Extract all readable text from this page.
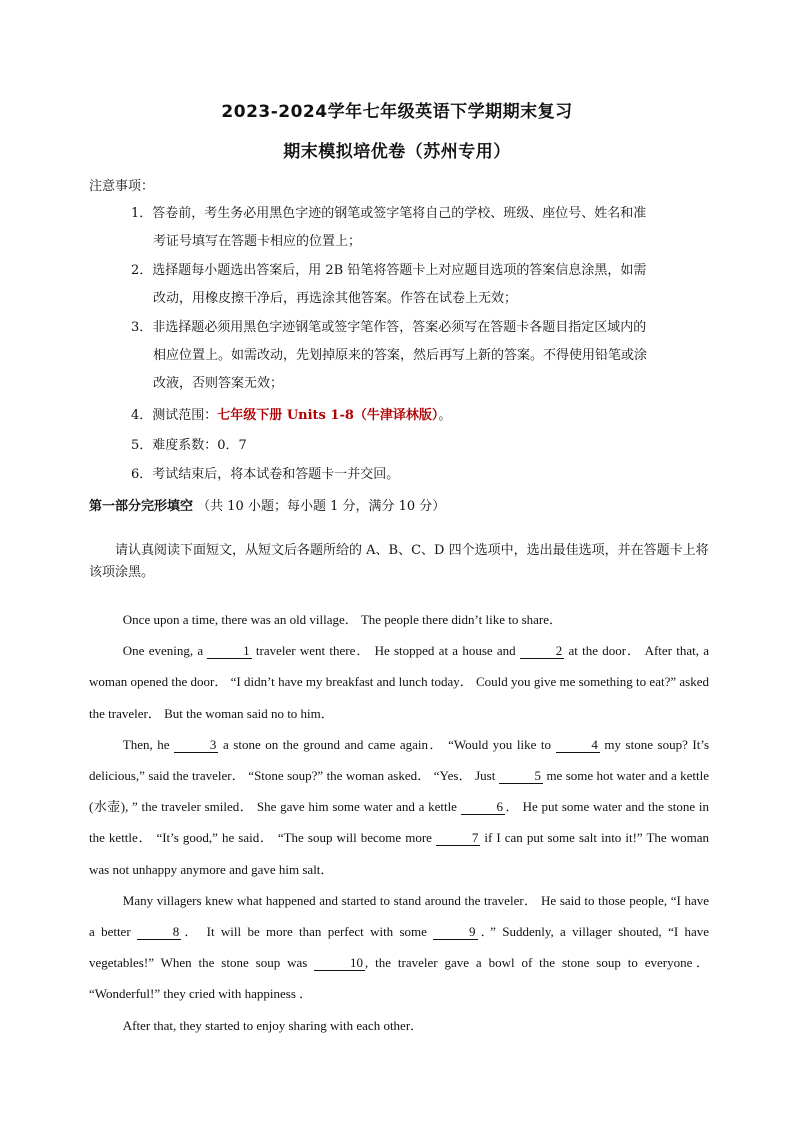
2023-2024学年七年级英语下学期期末复习
期末模拟培优卷（苏州专用）
注意事项：
1．答卷前，考生务必用黑色字迹的钢笔或签字笔将自己的学校、班级、座位号、姓名和准
考证号填写在答题卡相应的位置上；
2．选择题每小题选出答案后，用 2B 铅笔将答题卡上对应题目选项的答案信息涂黑，如需
改动，用橡皮擦干净后，再选涂其他答案。作答在试卷上无效；
3．非选择题必须用黑色字迹钢笔或签字笔作答，答案必须写在答题卡各题目指定区域内的
相应位置上。如需改动，先划掉原来的答案，然后再写上新的答案。不得使用铅笔或涂
改液，否则答案无效；
4．测试范围：七年级下册 Units 1-8（牛津译林版）。
5．难度系数：0．7
6．考试结束后，将本试卷和答题卡一并交回。
第一部分完形填空 （共 10 小题；每小题 1 分，满分 10 分）
请认真阅读下面短文，从短文后各题所给的 A、B、C、D 四个选项中，选出最佳选项，并在答题卡上将该项涂黑。

Once upon a time, there was an old village． The people there didn’t like to share．

One evening, a	1 traveler went there． He stopped at a house and	2 at the door． After that, a woman opened the door． “I didn’t have my breakfast and lunch today． Could you give me something to eat?” asked the traveler． But the woman said no to him．

Then, he	3 a stone on the ground and came again． “Would you like to	4 my stone soup? It’s delicious,” said the traveler． “Stone soup?” the woman asked． “Yes． Just	5 me some hot water and a kettle (水壶), ” the traveler smiled． She gave him some water and a kettle	6 ． He put some water and the stone in the kettle． “It’s good,” he said． “The soup will become more	7 if I can put some salt into it!” The woman was not unhappy anymore and gave him salt．

Many villagers knew what happened and started to stand around the traveler． He said to those people, “I have a better	8 ． It will be more than perfect with some	9 ．” Suddenly, a villager shouted, “I have vegetables!” When the stone soup was	10 , the traveler gave a bowl of the stone soup to everyone． “Wonderful!” they cried with happiness ．

After that, they started to enjoy sharing with each other．
